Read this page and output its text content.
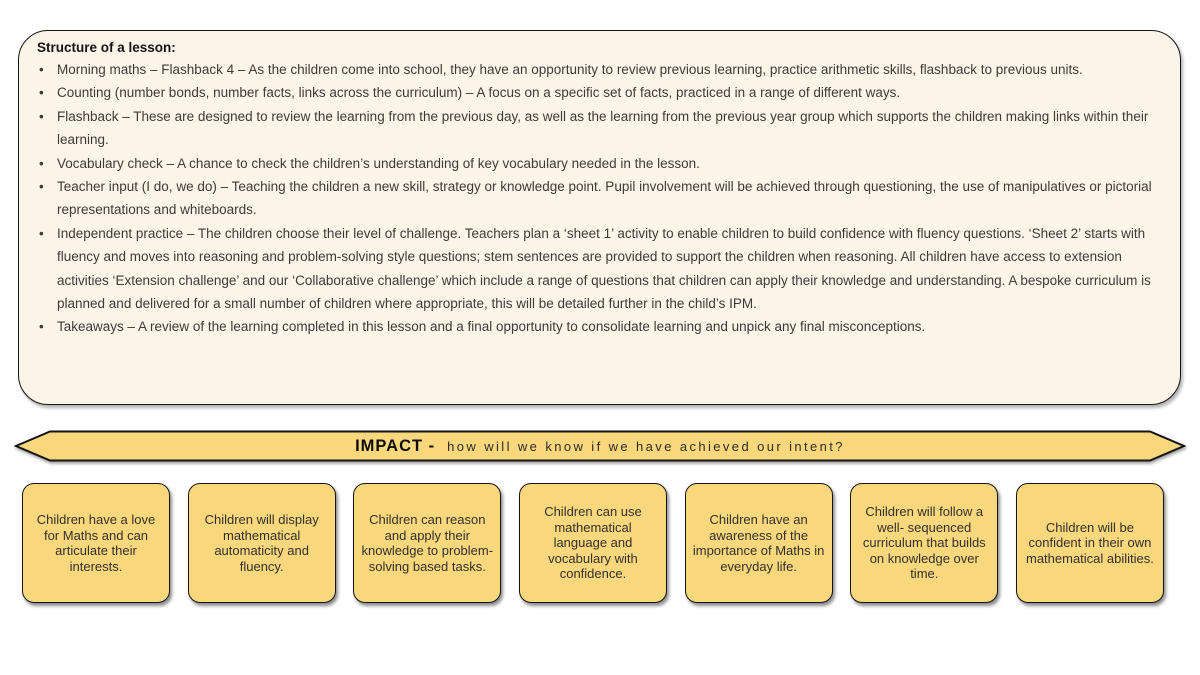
Structure of a lesson:
• Morning maths – Flashback 4 – As the children come into school, they have an opportunity to review previous learning, practice arithmetic skills, flashback to previous units.
• Counting (number bonds, number facts, links across the curriculum) – A focus on a specific set of facts, practiced in a range of different ways.
• Flashback – These are designed to review the learning from the previous day, as well as the learning from the previous year group which supports the children making links within their learning.
• Vocabulary check – A chance to check the children’s understanding of key vocabulary needed in the lesson.
• Teacher input (I do, we do) – Teaching the children a new skill, strategy or knowledge point. Pupil involvement will be achieved through questioning, the use of manipulatives or pictorial representations and whiteboards.
• Independent practice – The children choose their level of challenge. Teachers plan a ‘sheet 1’ activity to enable children to build confidence with fluency questions. ‘Sheet 2’ starts with fluency and moves into reasoning and problem-solving style questions; stem sentences are provided to support the children when reasoning. All children have access to extension activities ‘Extension challenge’ and our ‘Collaborative challenge’ which include a range of questions that children can apply their knowledge and understanding. A bespoke curriculum is planned and delivered for a small number of children where appropriate, this will be detailed further in the child’s IPM.
• Takeaways – A review of the learning completed in this lesson and a final opportunity to consolidate learning and unpick any final misconceptions.
IMPACT - how will we know if we have achieved our intent?
Children have a love for Maths and can articulate their interests.
Children will display mathematical automaticity and fluency.
Children can reason and apply their knowledge to problem-solving based tasks.
Children can use mathematical language and vocabulary with confidence.
Children have an awareness of the importance of Maths in everyday life.
Children will follow a well- sequenced curriculum that builds on knowledge over time.
Children will be confident in their own mathematical abilities.
